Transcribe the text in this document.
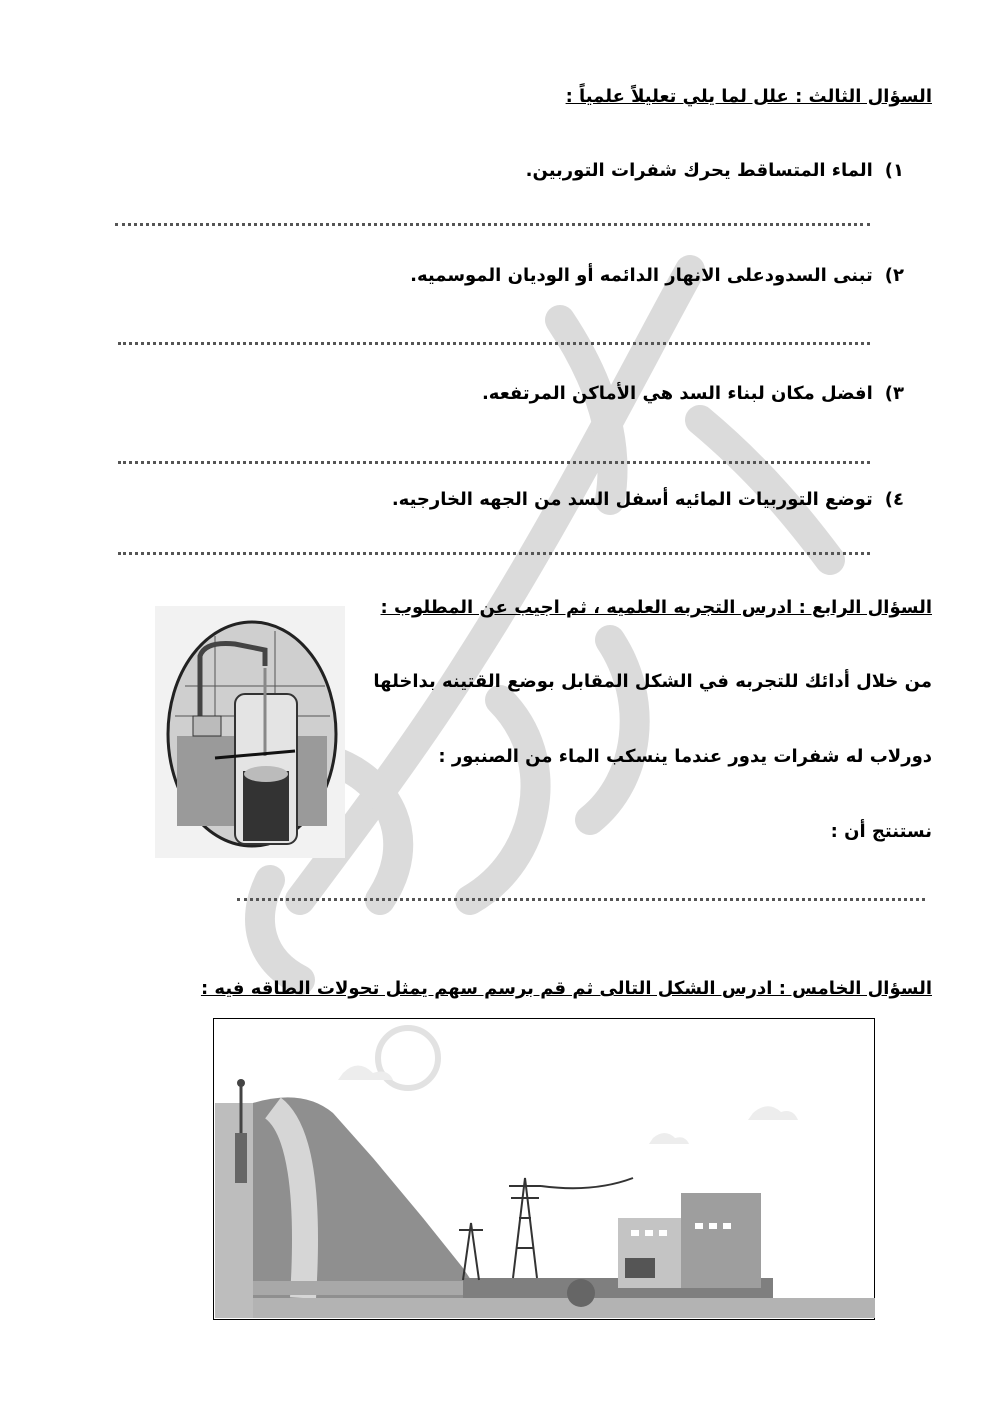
السؤال الثالث : علل لما يلي تعليلاً علمياً :
١)الماء المتساقط يحرك شفرات التوربين.
٢)تبنى السدودعلى الانهار الدائمه أو الوديان الموسميه.
٣)افضل مكان لبناء السد هي الأماكن المرتفعه.
٤)توضع التوربيات المائيه أسفل السد من الجهه الخارجيه.
السؤال الرابع : ادرس التجربه العلميه ، ثم اجيب عن المطلوب :
من خلال أدائك للتجربه في الشكل المقابل بوضع القتينه بداخلها
دورلاب له شفرات يدور عندما ينسكب الماء من الصنبور :
نستنتج أن :
السؤال الخامس : ادرس الشكل التالى ثم قم برسم سهم يمثل تحولات الطاقه فيه :
